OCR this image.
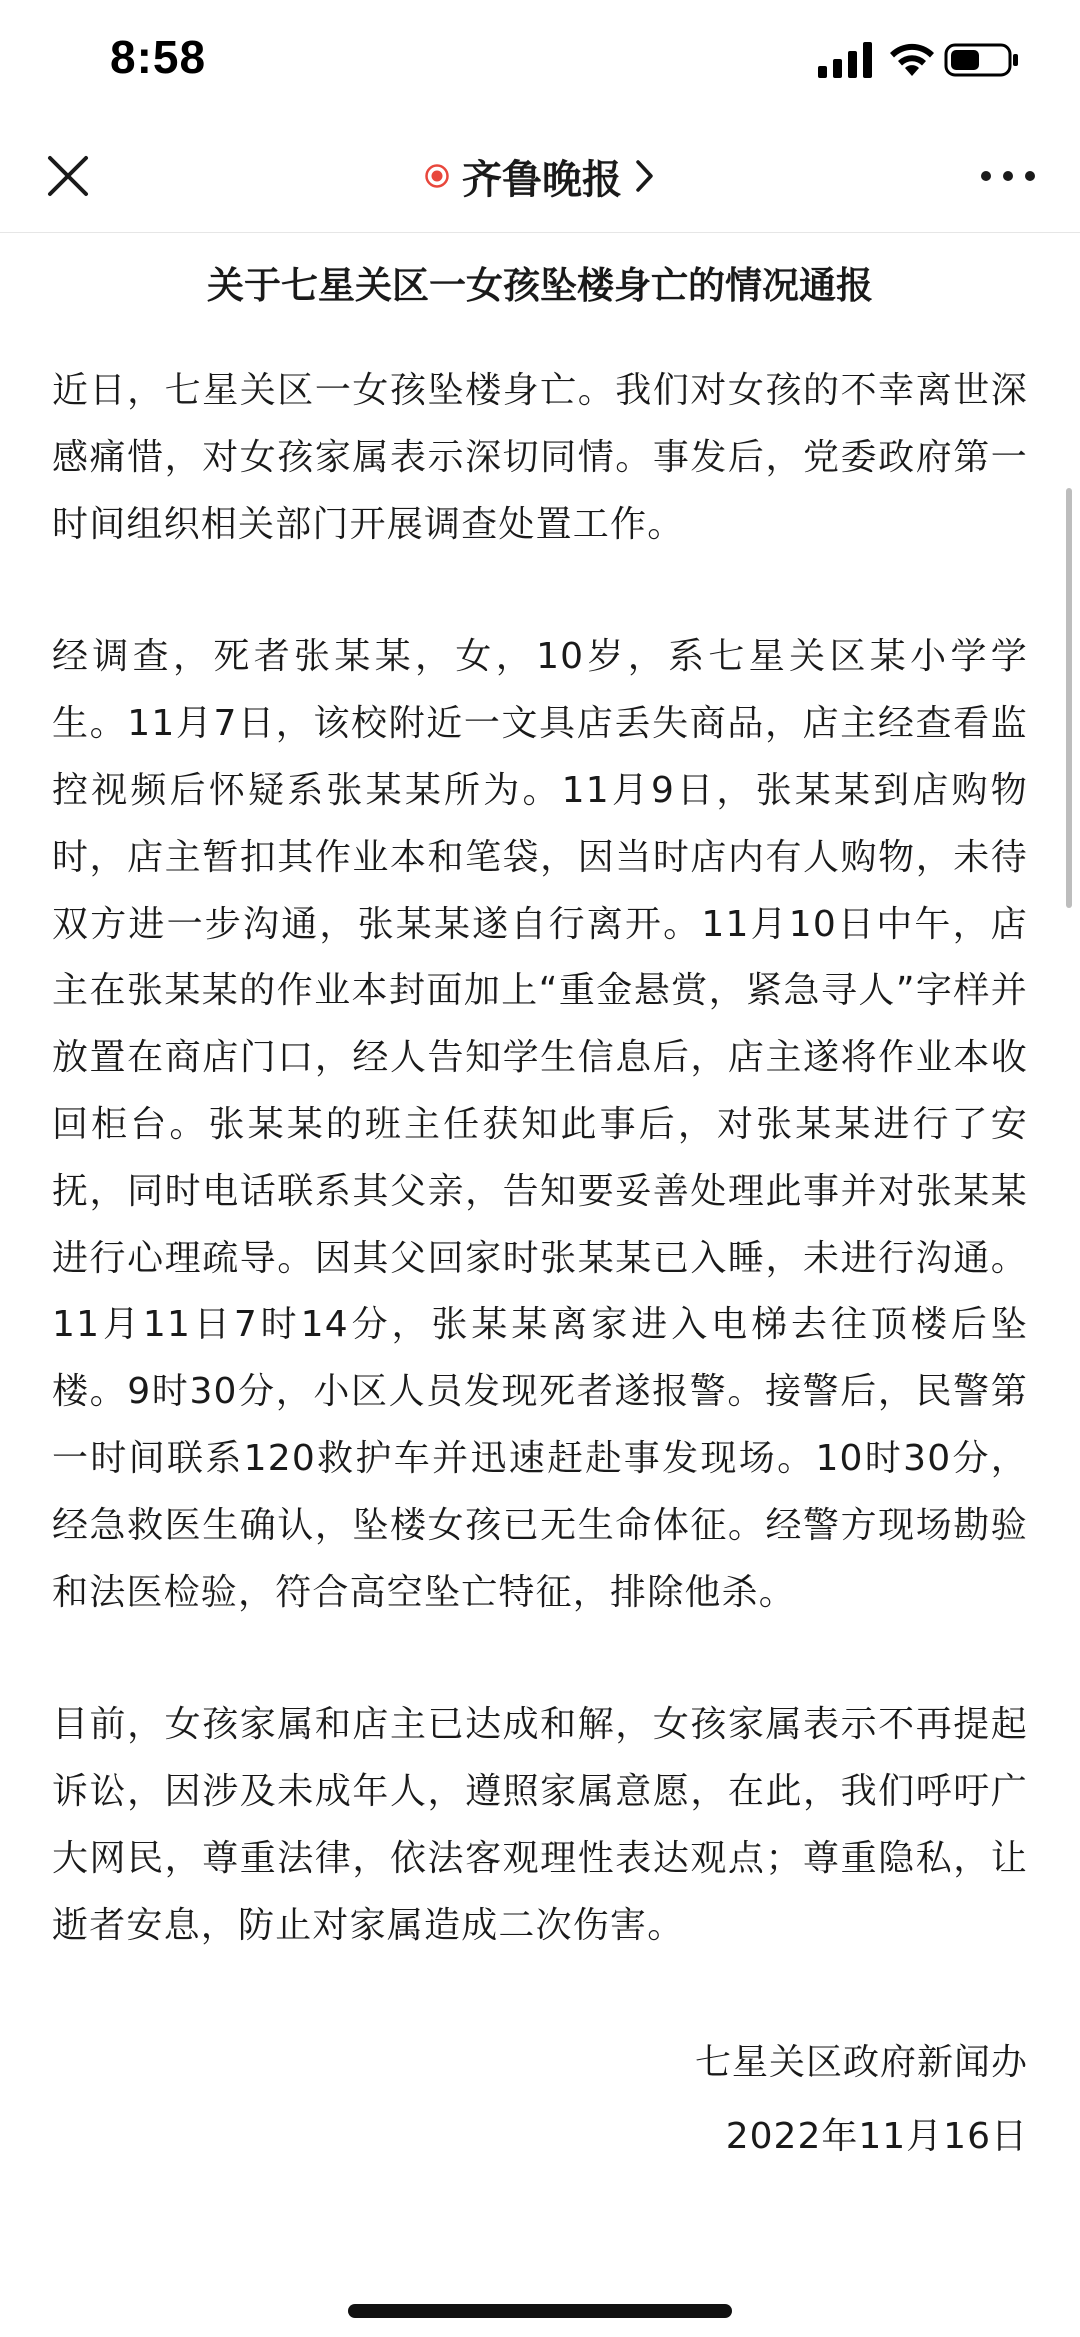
8:58
齐鲁晚报
关于七星关区一女孩坠楼身亡的情况通报

近日，七星关区一女孩坠楼身亡。我们对女孩的不幸离世深感痛惜，对女孩家属表示深切同情。事发后，党委政府第一时间组织相关部门开展调查处置工作。

经调查，死者张某某，女，10岁，系七星关区某小学学生。11月7日，该校附近一文具店丢失商品，店主经查看监控视频后怀疑系张某某所为。11月9日，张某某到店购物时，店主暂扣其作业本和笔袋，因当时店内有人购物，未待双方进一步沟通，张某某遂自行离开。11月10日中午，店主在张某某的作业本封面加上“重金悬赏，紧急寻人”字样并放置在商店门口，经人告知学生信息后，店主遂将作业本收回柜台。张某某的班主任获知此事后，对张某某进行了安抚，同时电话联系其父亲，告知要妥善处理此事并对张某某进行心理疏导。因其父回家时张某某已入睡，未进行沟通。11月11日7时14分，张某某离家进入电梯去往顶楼后坠楼。9时30分，小区人员发现死者遂报警。接警后，民警第一时间联系120救护车并迅速赶赴事发现场。10时30分，经急救医生确认，坠楼女孩已无生命体征。经警方现场勘验和法医检验，符合高空坠亡特征，排除他杀。

目前，女孩家属和店主已达成和解，女孩家属表示不再提起诉讼，因涉及未成年人，遵照家属意愿，在此，我们呼吁广大网民，尊重法律，依法客观理性表达观点；尊重隐私，让逝者安息，防止对家属造成二次伤害。

七星关区政府新闻办

2022年11月16日
